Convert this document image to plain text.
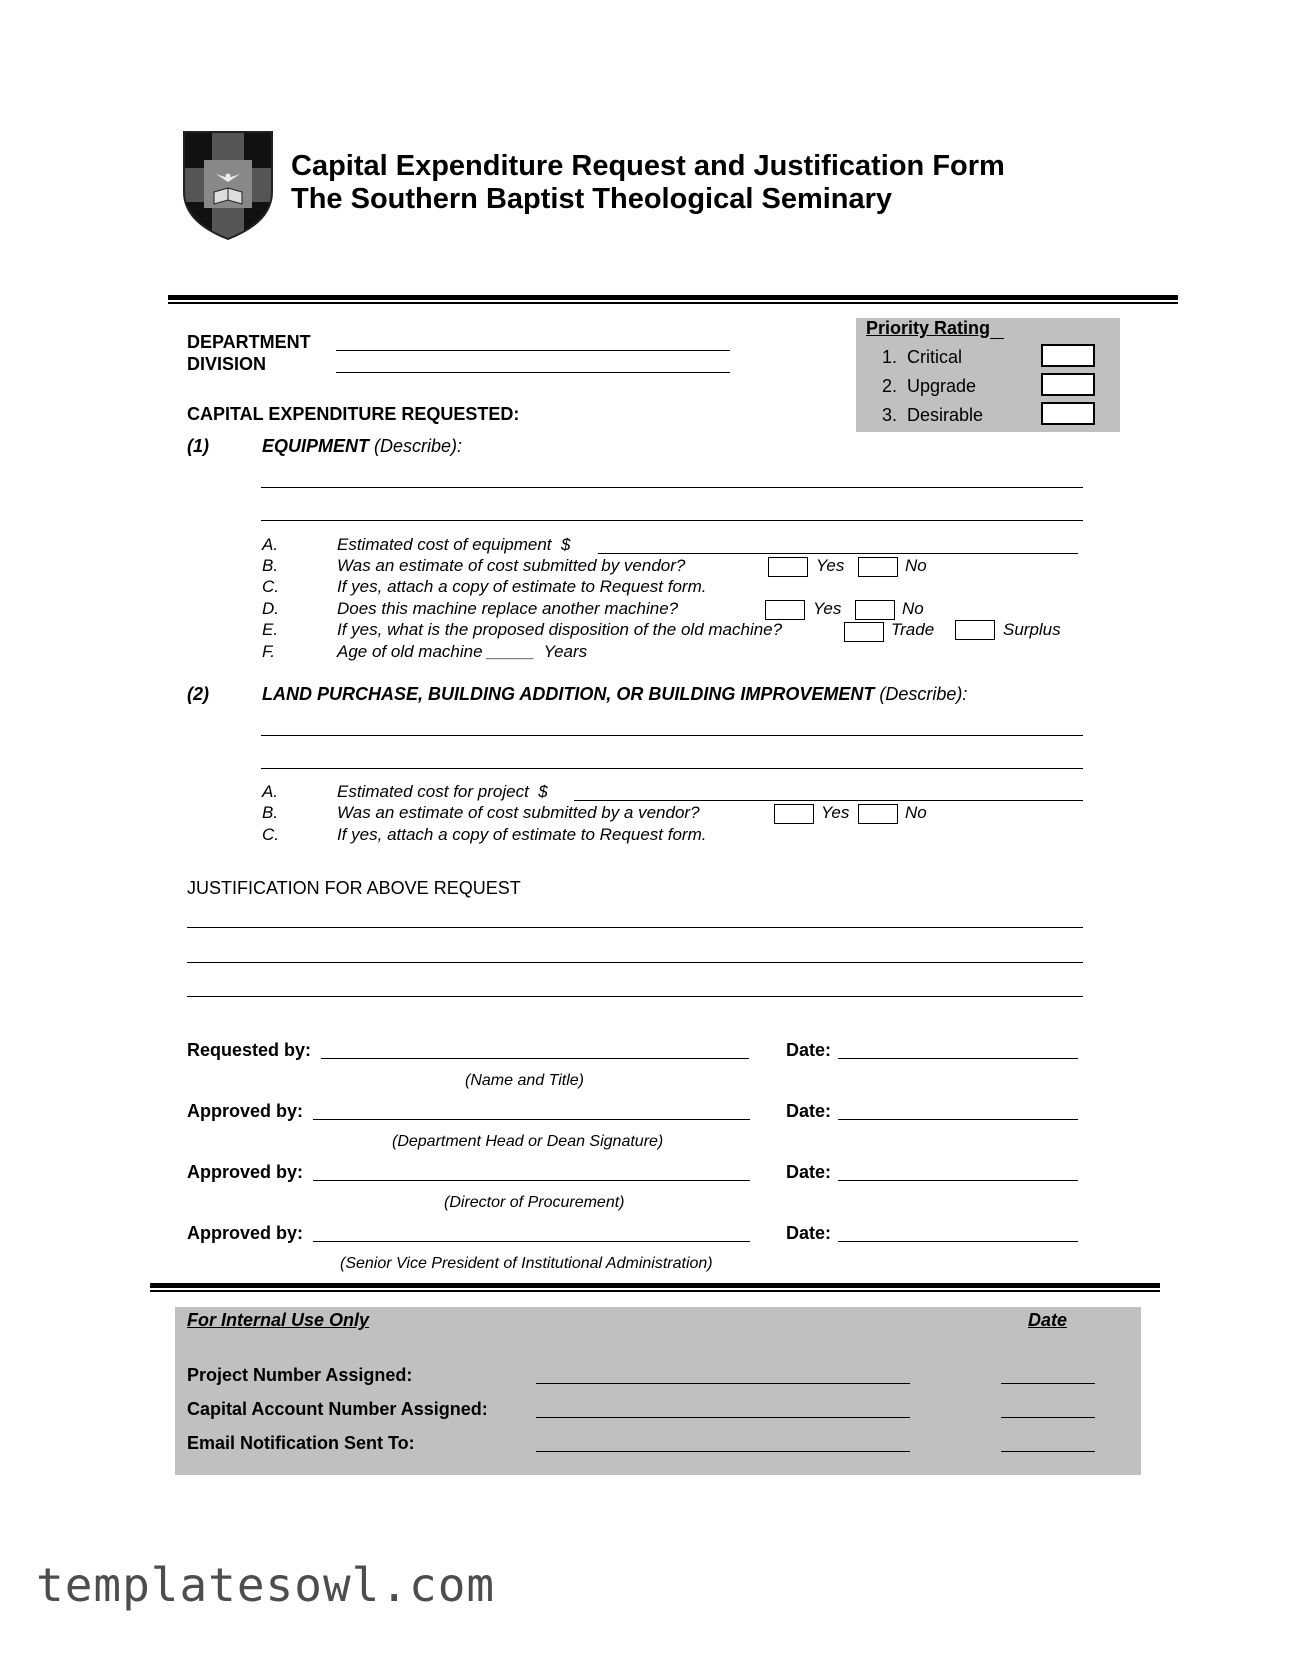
Capital Expenditure Request and Justification Form
The Southern Baptist Theological Seminary
Priority Rating
1.  Critical
2.  Upgrade
3.  Desirable
DEPARTMENT
DIVISION
CAPITAL EXPENDITURE REQUESTED:
(1)	EQUIPMENT (Describe):
A.	Estimated cost of equipment  $
B.	Was an estimate of cost submitted by vendor?	Yes	No
C.	If yes, attach a copy of estimate to Request form.
D.	Does this machine replace another machine?	Yes	No
E.	If yes, what is the proposed disposition of the old machine?	Trade	Surplus
F.	Age of old machine _____  Years
(2)	LAND PURCHASE, BUILDING ADDITION, OR BUILDING IMPROVEMENT (Describe):
A.	Estimated cost for project  $
B.	Was an estimate of cost submitted by a vendor?	Yes	No
C.	If yes, attach a copy of estimate to Request form.
JUSTIFICATION FOR ABOVE REQUEST
Requested by:	Date:
(Name and Title)
Approved by:	Date:
(Department Head or Dean Signature)
Approved by:	Date:
(Director of Procurement)
Approved by:	Date:
(Senior Vice President of Institutional Administration)
For Internal Use Only	Date
Project Number Assigned:
Capital Account Number Assigned:
Email Notification Sent To:
templatesowl.com
